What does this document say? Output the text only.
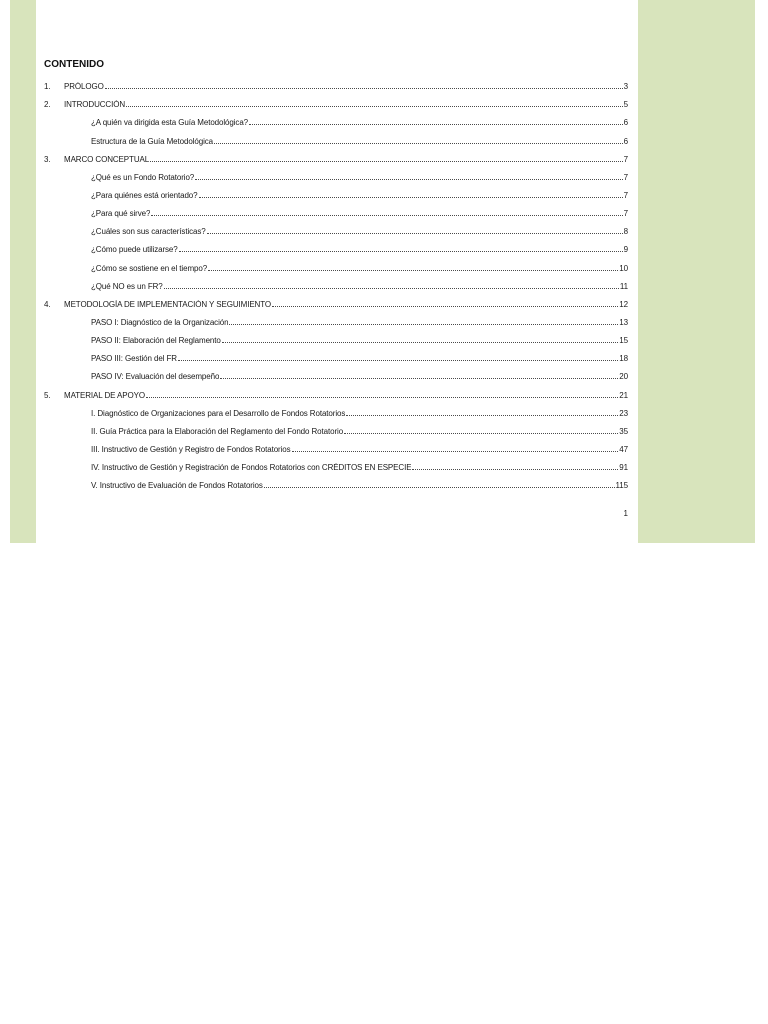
CONTENIDO
1.	PRÓLOGO	3
2.	INTRODUCCIÓN	5
¿A quién va dirigida esta Guía Metodológica?	6
Estructura de la Guía Metodológica	6
3.	MARCO CONCEPTUAL	7
¿Qué es un Fondo Rotatorio?	7
¿Para quiénes está orientado?	7
¿Para qué sirve?	7
¿Cuáles son sus características?	8
¿Cómo puede utilizarse?	9
¿Cómo se sostiene en el tiempo?	10
¿Qué NO es un FR?	11
4.	METODOLOGÍA DE IMPLEMENTACIÓN Y SEGUIMIENTO	12
PASO I: Diagnóstico de la Organización	13
PASO II: Elaboración del Reglamento	15
PASO III: Gestión del FR	18
PASO IV: Evaluación del desempeño	20
5.	MATERIAL DE APOYO	21
I. Diagnóstico de Organizaciones para el Desarrollo de Fondos Rotatorios	23
II. Guía Práctica para la Elaboración del Reglamento del Fondo Rotatorio	35
III. Instructivo de Gestión y Registro de Fondos Rotatorios	47
IV. Instructivo de Gestión y Registración de Fondos Rotatorios con CRÉDITOS EN ESPECIE	91
V. Instructivo de Evaluación de Fondos Rotatorios	115
1
